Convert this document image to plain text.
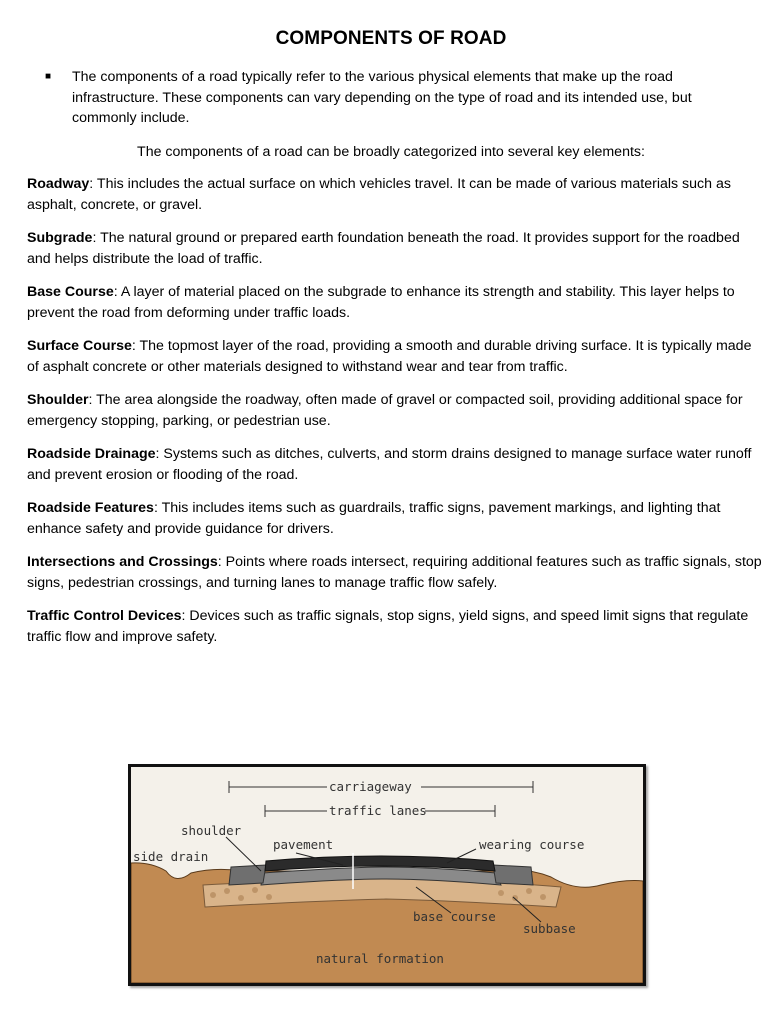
COMPONENTS OF ROAD
■	The components of a road typically refer to the various physical elements that make up the road infrastructure. These components can vary depending on the type of road and its intended use, but commonly include.
The components of a road can be broadly categorized into several key elements:

Roadway: This includes the actual surface on which vehicles travel. It can be made of various materials such as asphalt, concrete, or gravel.

Subgrade: The natural ground or prepared earth foundation beneath the road. It provides support for the roadbed and helps distribute the load of traffic.

Base Course: A layer of material placed on the subgrade to enhance its strength and stability. This layer helps to prevent the road from deforming under traffic loads.

Surface Course: The topmost layer of the road, providing a smooth and durable driving surface. It is typically made of asphalt concrete or other materials designed to withstand wear and tear from traffic.

Shoulder: The area alongside the roadway, often made of gravel or compacted soil, providing additional space for emergency stopping, parking, or pedestrian use.

Roadside Drainage: Systems such as ditches, culverts, and storm drains designed to manage surface water runoff and prevent erosion or flooding of the road.

Roadside Features: This includes items such as guardrails, traffic signs, pavement markings, and lighting that enhance safety and provide guidance for drivers.

Intersections and Crossings: Points where roads intersect, requiring additional features such as traffic signals, stop signs, pedestrian crossings, and turning lanes to manage traffic flow safely.

Traffic Control Devices: Devices such as traffic signals, stop signs, yield signs, and speed limit signs that regulate traffic flow and improve safety.

carriageway
traffic lanes
shoulder
side drain
pavement	wearing course
base course
subbase
natural formation
